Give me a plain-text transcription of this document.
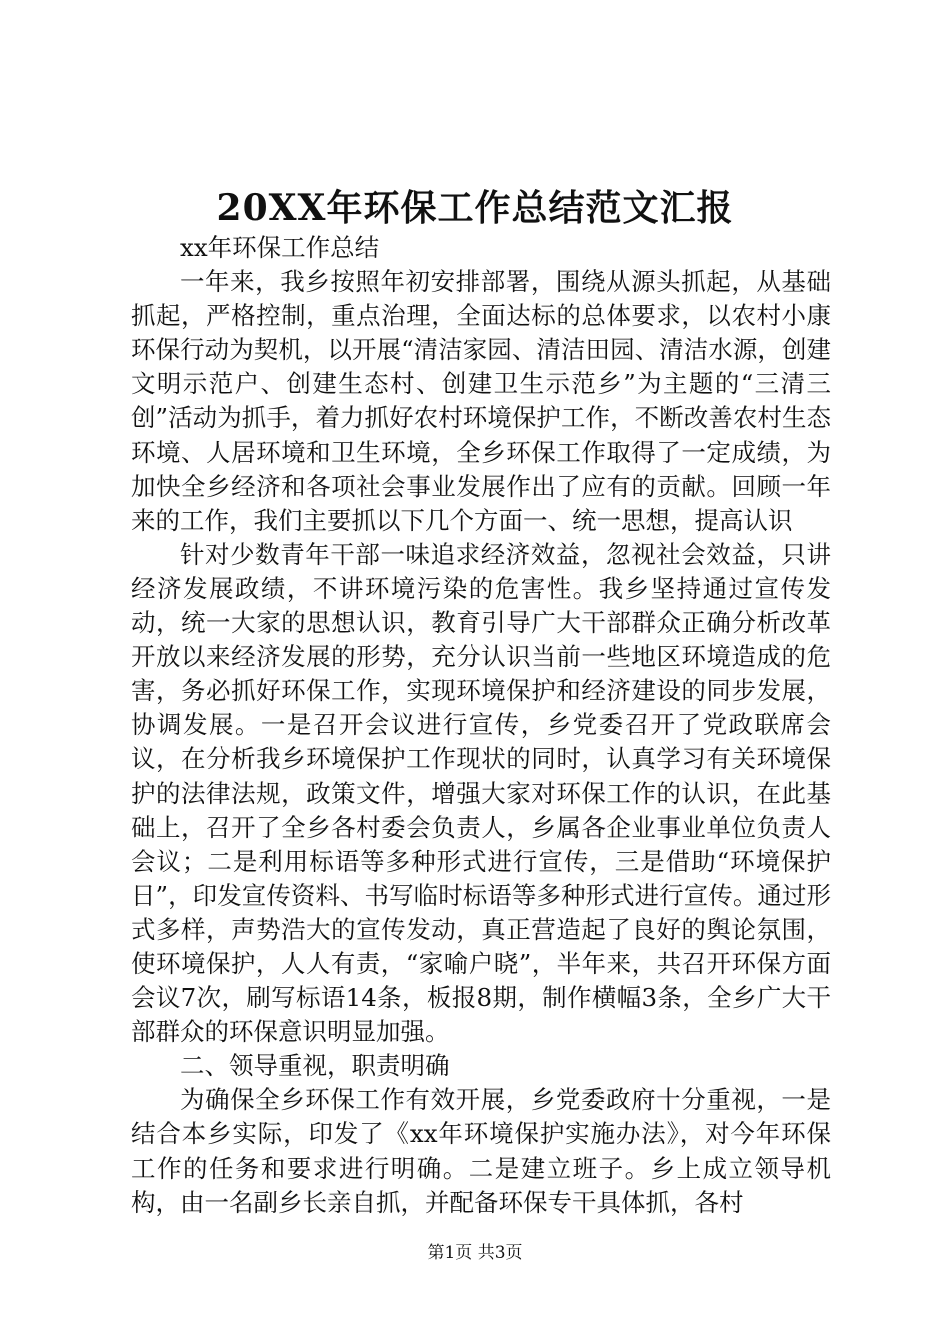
20XX年环保工作总结范文汇报

xx年环保工作总结

一年来，我乡按照年初安排部署，围绕从源头抓起，从基础抓起，严格控制，重点治理，全面达标的总体要求，以农村小康环保行动为契机，以开展“清洁家园、清洁田园、清洁水源，创建文明示范户、创建生态村、创建卫生示范乡”为主题的“三清三创”活动为抓手，着力抓好农村环境保护工作，不断改善农村生态环境、人居环境和卫生环境，全乡环保工作取得了一定成绩，为加快全乡经济和各项社会事业发展作出了应有的贡献。回顾一年来的工作，我们主要抓以下几个方面一、统一思想，提高认识

针对少数青年干部一味追求经济效益，忽视社会效益，只讲经济发展政绩，不讲环境污染的危害性。我乡坚持通过宣传发动，统一大家的思想认识，教育引导广大干部群众正确分析改革开放以来经济发展的形势，充分认识当前一些地区环境造成的危害，务必抓好环保工作，实现环境保护和经济建设的同步发展，协调发展。一是召开会议进行宣传，乡党委召开了党政联席会议，在分析我乡环境保护工作现状的同时，认真学习有关环境保护的法律法规，政策文件，增强大家对环保工作的认识，在此基础上，召开了全乡各村委会负责人，乡属各企业事业单位负责人会议；二是利用标语等多种形式进行宣传，三是借助“环境保护日”，印发宣传资料、书写临时标语等多种形式进行宣传。通过形式多样，声势浩大的宣传发动，真正营造起了良好的舆论氛围，使环境保护，人人有责，“家喻户晓”，半年来，共召开环保方面会议7次，刷写标语14条，板报8期，制作横幅3条，全乡广大干部群众的环保意识明显加强。

二、领导重视，职责明确

为确保全乡环保工作有效开展，乡党委政府十分重视，一是结合本乡实际，印发了《xx年环境保护实施办法》，对今年环保工作的任务和要求进行明确。二是建立班子。乡上成立领导机构，由一名副乡长亲自抓，并配备环保专干具体抓，各村

第1页 共3页
